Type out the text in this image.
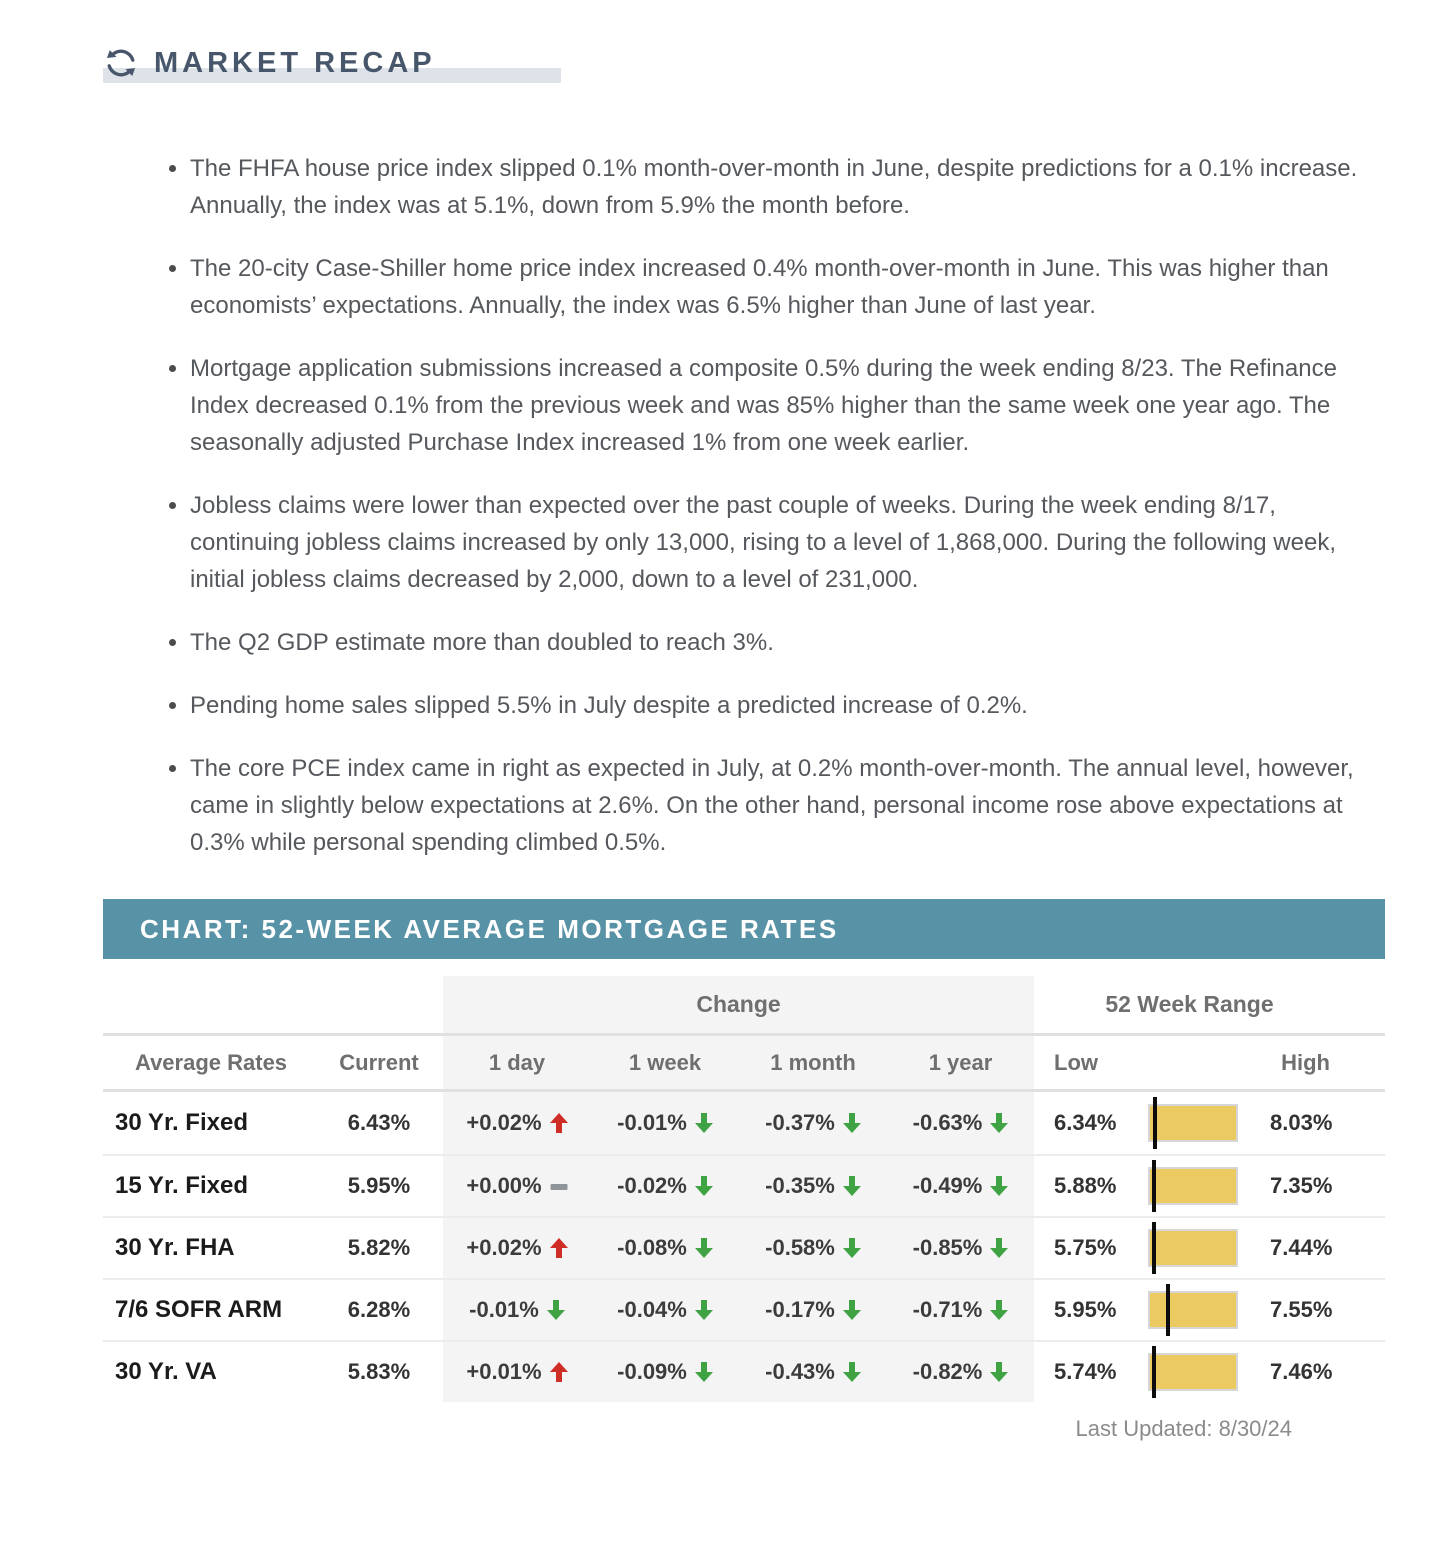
MARKET RECAP
The FHFA house price index slipped 0.1% month-over-month in June, despite predictions for a 0.1% increase. Annually, the index was at 5.1%, down from 5.9% the month before.
The 20-city Case-Shiller home price index increased 0.4% month-over-month in June. This was higher than economists’ expectations. Annually, the index was 6.5% higher than June of last year.
Mortgage application submissions increased a composite 0.5% during the week ending 8/23. The Refinance Index decreased 0.1% from the previous week and was 85% higher than the same week one year ago. The seasonally adjusted Purchase Index increased 1% from one week earlier.
Jobless claims were lower than expected over the past couple of weeks. During the week ending 8/17, continuing jobless claims increased by only 13,000, rising to a level of 1,868,000. During the following week, initial jobless claims decreased by 2,000, down to a level of 231,000.
The Q2 GDP estimate more than doubled to reach 3%.
Pending home sales slipped 5.5% in July despite a predicted increase of 0.2%.
The core PCE index came in right as expected in July, at 0.2% month-over-month. The annual level, however, came in slightly below expectations at 2.6%. On the other hand, personal income rose above expectations at 0.3% while personal spending climbed 0.5%.
CHART: 52-WEEK AVERAGE MORTGAGE RATES
Change	52 Week Range
Average Rates	Current	1 day	1 week	1 month	1 year	Low	High
30 Yr. Fixed	6.43%	+0.02%	-0.01%	-0.37%	-0.63%	6.34%	8.03%
15 Yr. Fixed	5.95%	+0.00%	-0.02%	-0.35%	-0.49%	5.88%	7.35%
30 Yr. FHA	5.82%	+0.02%	-0.08%	-0.58%	-0.85%	5.75%	7.44%
7/6 SOFR ARM	6.28%	-0.01%	-0.04%	-0.17%	-0.71%	5.95%	7.55%
30 Yr. VA	5.83%	+0.01%	-0.09%	-0.43%	-0.82%	5.74%	7.46%
Last Updated: 8/30/24
